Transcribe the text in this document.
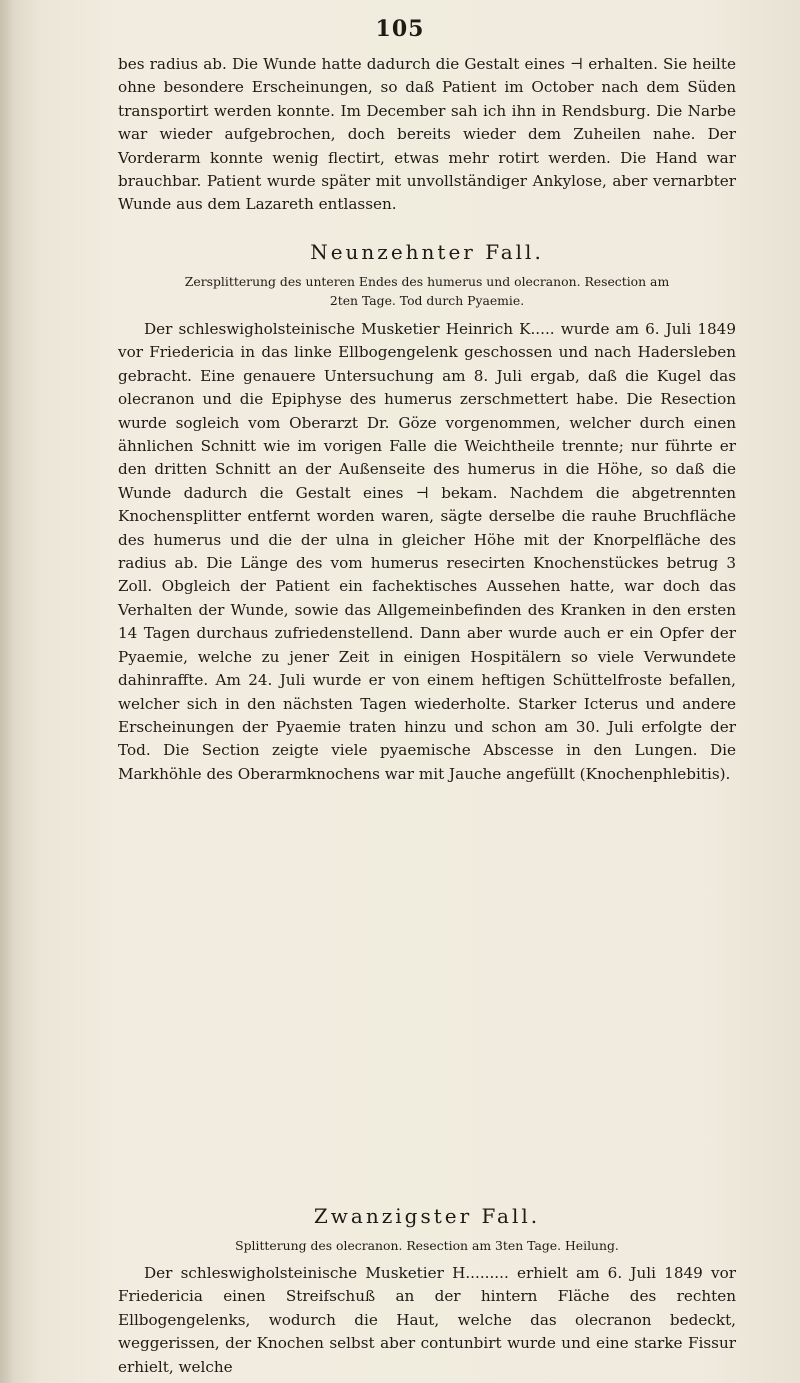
105

bes radius ab. Die Wunde hatte dadurch die Gestalt eines ⊣ erhalten. Sie heilte ohne besondere Erscheinungen, so daß Patient im October nach dem Süden transportirt werden konnte. Im December sah ich ihn in Rendsburg. Die Narbe war wieder aufgebrochen, doch bereits wieder dem Zuheilen nahe. Der Vorderarm konnte wenig flectirt, etwas mehr rotirt werden. Die Hand war brauchbar. Patient wurde später mit unvollständiger Ankylose, aber vernarbter Wunde aus dem Lazareth entlassen.

Neunzehnter Fall.
Zersplitterung des unteren Endes des humerus und olecranon. Resection am
2ten Tage. Tod durch Pyaemie.

Der schleswigholsteinische Musketier Heinrich K..... wurde am 6. Juli 1849 vor Friedericia in das linke Ellbogengelenk geschossen und nach Hadersleben gebracht. Eine genauere Untersuchung am 8. Juli ergab, daß die Kugel das olecranon und die Epiphyse des humerus zerschmettert habe. Die Resection wurde sogleich vom Oberarzt Dr. Göze vorgenommen, welcher durch einen ähnlichen Schnitt wie im vorigen Falle die Weichtheile trennte; nur führte er den dritten Schnitt an der Außenseite des humerus in die Höhe, so daß die Wunde dadurch die Gestalt eines ⊣ bekam. Nachdem die abgetrennten Knochensplitter entfernt worden waren, sägte derselbe die rauhe Bruchfläche des humerus und die der ulna in gleicher Höhe mit der Knorpelfläche des radius ab. Die Länge des vom humerus resecirten Knochenstückes betrug 3 Zoll. Obgleich der Patient ein fachektisches Aussehen hatte, war doch das Verhalten der Wunde, sowie das Allgemeinbefinden des Kranken in den ersten 14 Tagen durchaus zufriedenstellend. Dann aber wurde auch er ein Opfer der Pyaemie, welche zu jener Zeit in einigen Hospitälern so viele Verwundete dahinraffte. Am 24. Juli wurde er von einem heftigen Schüttelfroste befallen, welcher sich in den nächsten Tagen wiederholte. Starker Icterus und andere Erscheinungen der Pyaemie traten hinzu und schon am 30. Juli erfolgte der Tod. Die Section zeigte viele pyaemische Abscesse in den Lungen. Die Markhöhle des Oberarmknochens war mit Jauche angefüllt (Knochenphlebitis).

Zwanzigster Fall.
Splitterung des olecranon. Resection am 3ten Tage. Heilung.

Der schleswigholsteinische Musketier H......... erhielt am 6. Juli 1849 vor Friedericia einen Streifschuß an der hintern Fläche des rechten Ellbogengelenks, wodurch die Haut, welche das olecranon bedeckt, weggerissen, der Knochen selbst aber contunbirt wurde und eine starke Fissur erhielt, welche
